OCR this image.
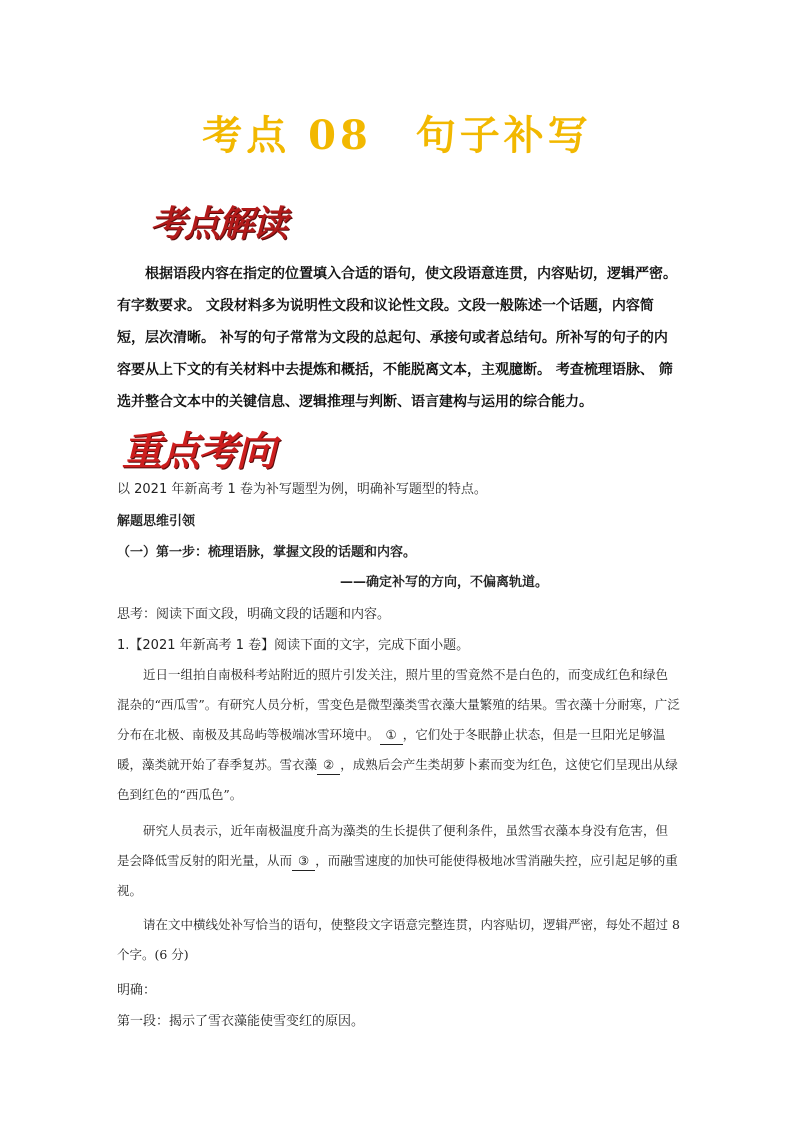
考点 08 句子补写
考点解读
根据语段内容在指定的位置填入合适的语句，使文段语意连贯，内容贴切，逻辑严密。有字数要求。 文段材料多为说明性文段和议论性文段。文段一般陈述一个话题，内容简短，层次清晰。 补写的句子常常为文段的总起句、承接句或者总结句。所补写的句子的内容要从上下文的有关材料中去提炼和概括，不能脱离文本，主观臆断。 考查梳理语脉、 筛选并整合文本中的关键信息、逻辑推理与判断、语言建构与运用的综合能力。
重点考向
以 2021 年新高考 1 卷为补写题型为例，明确补写题型的特点。
解题思维引领
（一）第一步：梳理语脉，掌握文段的话题和内容。
——确定补写的方向，不偏离轨道。
思考：阅读下面文段，明确文段的话题和内容。
1.【2021 年新高考 1 卷】阅读下面的文字，完成下面小题。
近日一组拍自南极科考站附近的照片引发关注，照片里的雪竟然不是白色的，而变成红色和绿色混杂的“西瓜雪”。有研究人员分析，雪变色是微型藻类雪衣藻大量繁殖的结果。雪衣藻十分耐寒，广泛分布在北极、南极及其岛屿等极端冰雪环境中。 ① ，它们处于冬眠静止状态，但是一旦阳光足够温暖，藻类就开始了春季复苏。雪衣藻 ② ，成熟后会产生类胡萝卜素而变为红色，这使它们呈现出从绿色到红色的“西瓜色”。
研究人员表示，近年南极温度升高为藻类的生长提供了便利条件，虽然雪衣藻本身没有危害，但是会降低雪反射的阳光量，从而 ③ ，而融雪速度的加快可能使得极地冰雪消融失控，应引起足够的重视。
请在文中横线处补写恰当的语句，使整段文字语意完整连贯，内容贴切，逻辑严密，每处不超过 8 个字。(6 分)
明确：
第一段：揭示了雪衣藻能使雪变红的原因。
